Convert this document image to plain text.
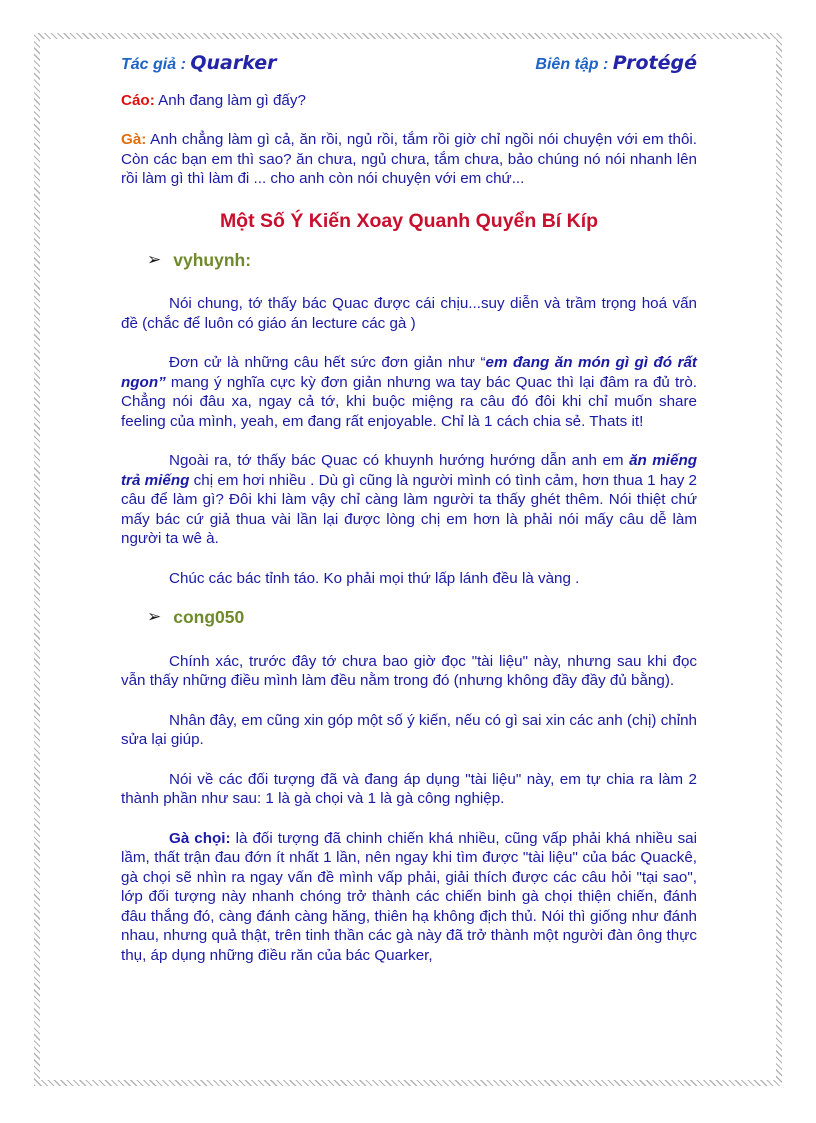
Tác giả : Quarker	Biên tập : Protégé

Cáo: Anh đang làm gì đấy?

Gà: Anh chẳng làm gì cả, ăn rồi, ngủ rồi, tắm rồi giờ chỉ ngồi nói chuyện với em thôi. Còn các bạn em thì sao? ăn chưa, ngủ chưa, tắm chưa, bảo chúng nó nói nhanh lên rồi làm gì thì làm đi ... cho anh còn nói chuyện với em chứ...

Một Số Ý Kiến Xoay Quanh Quyển Bí Kíp
➢ vyhuynh:

Nói chung, tớ thấy bác Quac được cái chịu...suy diễn và trầm trọng hoá vấn đề (chắc để luôn có giáo án lecture các gà )

Đơn cử là những câu hết sức đơn giản như “em đang ăn món gì gì đó rất ngon” mang ý nghĩa cực kỳ đơn giản nhưng wa tay bác Quac thì lại đâm ra đủ trò. Chẳng nói đâu xa, ngay cả tớ, khi buộc miệng ra câu đó đôi khi chỉ muốn share feeling của mình, yeah, em đang rất enjoyable. Chỉ là 1 cách chia sẻ. Thats it!

Ngoài ra, tớ thấy bác Quac có khuynh hướng hướng dẫn anh em ăn miếng trả miếng chị em hơi nhiều . Dù gì cũng là người mình có tình cảm, hơn thua 1 hay 2 câu để làm gì? Đôi khi làm vậy chỉ càng làm người ta thấy ghét thêm. Nói thiệt chứ mấy bác cứ giả thua vài lần lại được lòng chị em hơn là phải nói mấy câu dễ làm người ta wê à.

Chúc các bác tỉnh táo. Ko phải mọi thứ lấp lánh đều là vàng .

➢ cong050

Chính xác, trước đây tớ chưa bao giờ đọc "tài liệu" này, nhưng sau khi đọc vẫn thấy những điều mình làm đều nằm trong đó (nhưng không đầy đầy đủ bằng).

Nhân đây, em cũng xin góp một số ý kiến, nếu có gì sai xin các anh (chị) chỉnh sửa lại giúp.

Nói về các đối tượng đã và đang áp dụng "tài liệu" này, em tự chia ra làm 2 thành phần như sau: 1 là gà chọi và 1 là gà công nghiệp.

Gà chọi: là đối tượng đã chinh chiến khá nhiều, cũng vấp phải khá nhiều sai lầm, thất trận đau đớn ít nhất 1 lần, nên ngay khi tìm được "tài liệu" của bác Quackê, gà chọi sẽ nhìn ra ngay vấn đề mình vấp phải, giải thích được các câu hỏi "tại sao", lớp đối tượng này nhanh chóng trở thành các chiến binh gà chọi thiện chiến, đánh đâu thắng đó, càng đánh càng hăng, thiên hạ không địch thủ. Nói thì giống như đánh nhau, nhưng quả thật, trên tinh thần các gà này đã trở thành một người đàn ông thực thụ, áp dụng những điều răn của bác Quarker,
